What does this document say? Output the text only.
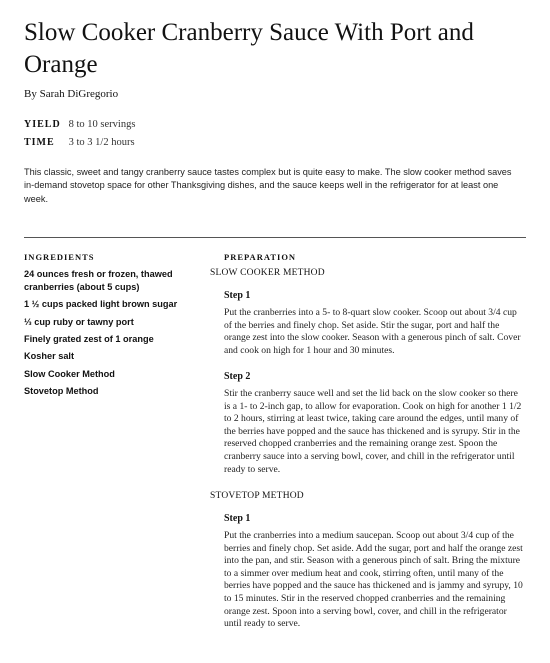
Slow Cooker Cranberry Sauce With Port and Orange
By Sarah DiGregorio
YIELD 8 to 10 servings
TIME 3 to 3 1/2 hours

This classic, sweet and tangy cranberry sauce tastes complex but is quite easy to make. The slow cooker method saves in-demand stovetop space for other Thanksgiving dishes, and the sauce keeps well in the refrigerator for at least one week.

INGREDIENTS	PREPARATION
24 ounces fresh or frozen, thawed cranberries (about 5 cups)
1 ½ cups packed light brown sugar
⅓ cup ruby or tawny port
Finely grated zest of 1 orange
Kosher salt
Slow Cooker Method
Stovetop Method
SLOW COOKER METHOD
Step 1

Put the cranberries into a 5- to 8-quart slow cooker. Scoop out about 3/4 cup of the berries and finely chop. Set aside. Stir the sugar, port and half the orange zest into the slow cooker. Season with a generous pinch of salt. Cover and cook on high for 1 hour and 30 minutes.

Step 2

Stir the cranberry sauce well and set the lid back on the slow cooker so there is a 1- to 2-inch gap, to allow for evaporation. Cook on high for another 1 1/2 to 2 hours, stirring at least twice, taking care around the edges, until many of the berries have popped and the sauce has thickened and is syrupy. Stir in the reserved chopped cranberries and the remaining orange zest. Spoon the cranberry sauce into a serving bowl, cover, and chill in the refrigerator until ready to serve.

STOVETOP METHOD
Step 1

Put the cranberries into a medium saucepan. Scoop out about 3/4 cup of the berries and finely chop. Set aside. Add the sugar, port and half the orange zest into the pan, and stir. Season with a generous pinch of salt. Bring the mixture to a simmer over medium heat and cook, stirring often, until many of the berries have popped and the sauce has thickened and is jammy and syrupy, 10 to 15 minutes. Stir in the reserved chopped cranberries and the remaining orange zest. Spoon into a serving bowl, cover, and chill in the refrigerator until ready to serve.
